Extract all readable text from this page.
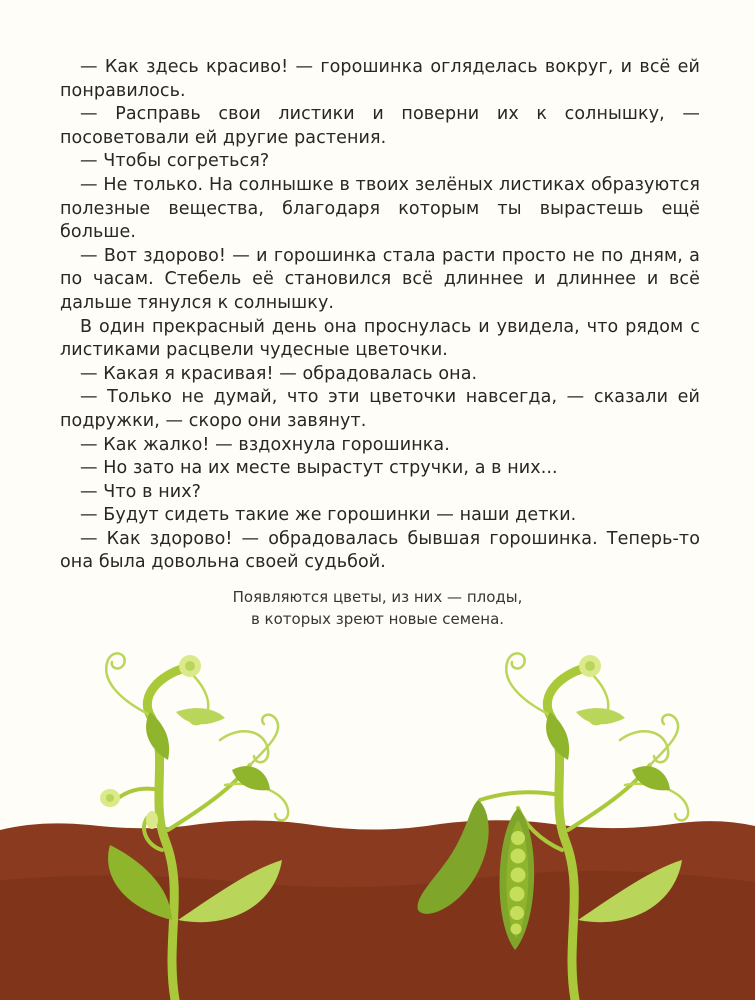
— Как здесь красиво! — горошинка огляделась вокруг, и всё ей понравилось.

— Расправь свои листики и поверни их к солнышку, — посоветовали ей другие растения.

— Чтобы согреться?

— Не только. На солнышке в твоих зелёных листиках образуются полезные вещества, благодаря которым ты вырастешь ещё больше.

— Вот здорово! — и горошинка стала расти просто не по дням, а по часам. Стебель её становился всё длиннее и длиннее и всё дальше тянулся к солнышку.

В один прекрасный день она проснулась и увидела, что рядом с листиками расцвели чудесные цветочки.

— Какая я красивая! — обрадовалась она.

— Только не думай, что эти цветочки навсегда, — сказали ей подружки, — скоро они завянут.

— Как жалко! — вздохнула горошинка.

— Но зато на их месте вырастут стручки, а в них...

— Что в них?

— Будут сидеть такие же горошинки — наши детки.

— Как здорово! — обрадовалась бывшая горошинка. Теперь-то она была довольна своей судьбой.

Появляются цветы, из них — плоды,
в которых зреют новые семена.
